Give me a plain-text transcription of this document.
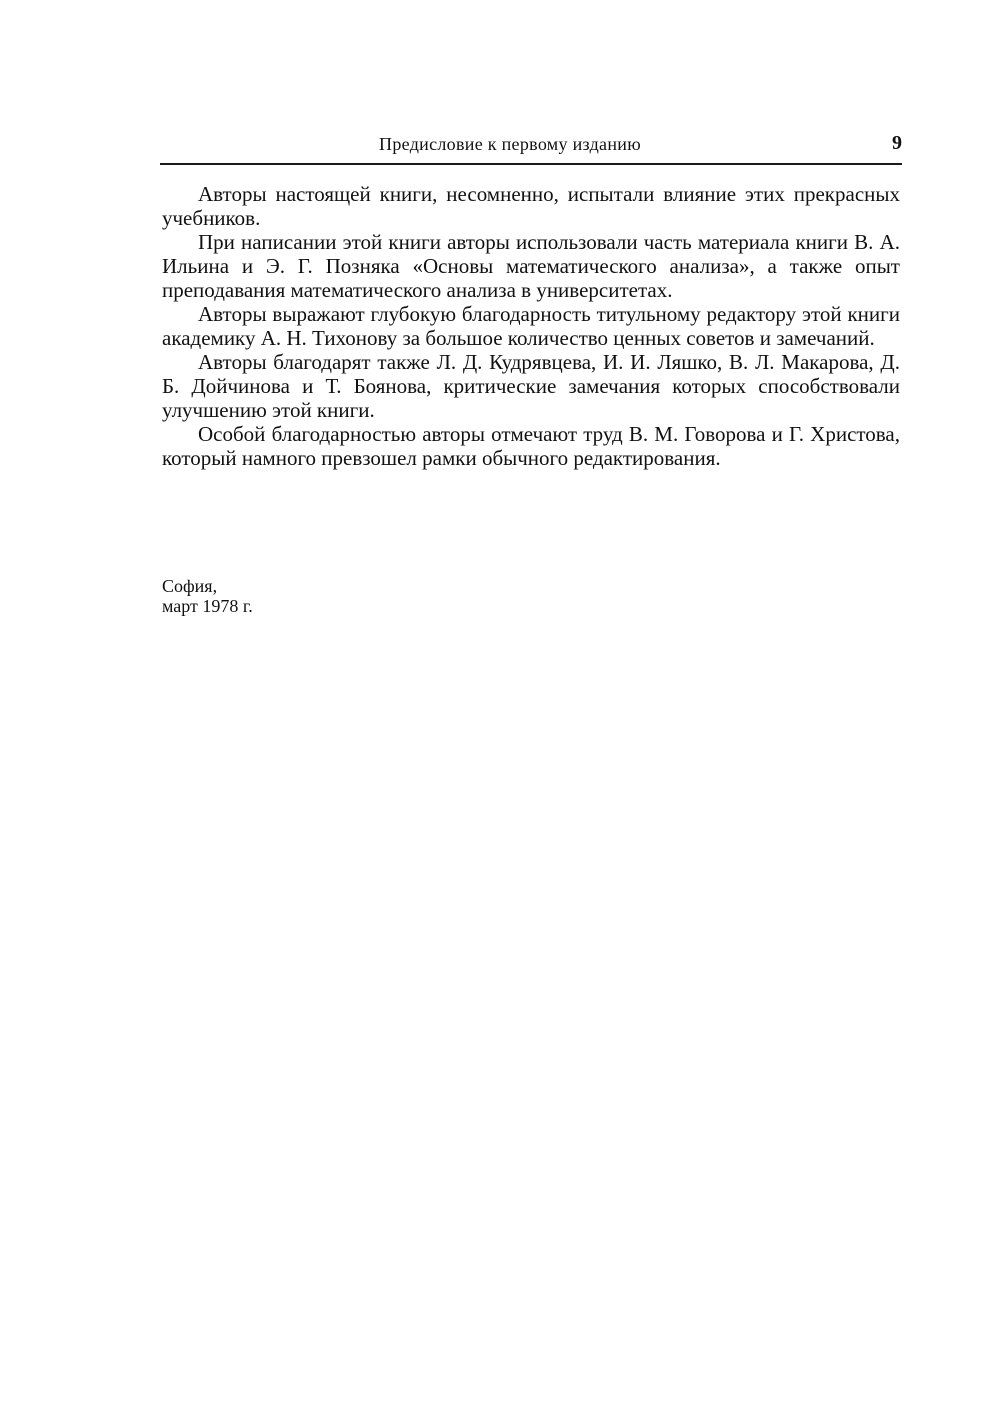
Предисловие к первому изданию	9

Авторы настоящей книги, несомненно, испытали влияние этих прекрасных учебников.

При написании этой книги авторы использовали часть материала книги В. А. Ильина и Э. Г. Позняка «Основы математического анализа», а также опыт преподавания математического анализа в университетах.

Авторы выражают глубокую благодарность титульному редактору этой книги академику А. Н. Тихонову за большое количество ценных советов и замечаний.

Авторы благодарят также Л. Д. Кудрявцева, И. И. Ляшко, В. Л. Макарова, Д. Б. Дойчинова и Т. Боянова, критические замечания которых способствовали улучшению этой книги.

Особой благодарностью авторы отмечают труд В. М. Говорова и Г. Христова, который намного превзошел рамки обычного редактирования.

София,
март 1978 г.
